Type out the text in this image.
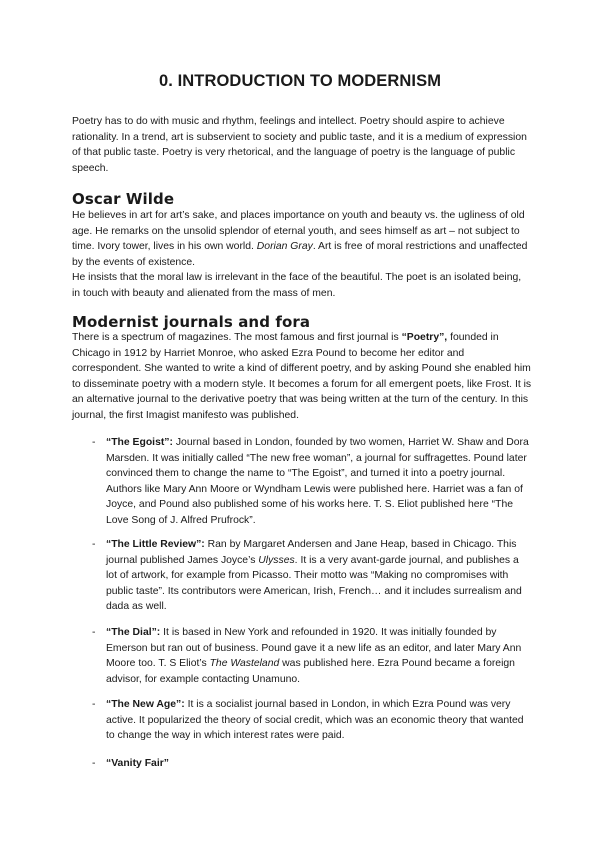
0. INTRODUCTION TO MODERNISM

Poetry has to do with music and rhythm, feelings and intellect. Poetry should aspire to achieve rationality. In a trend, art is subservient to society and public taste, and it is a medium of expression of that public taste. Poetry is very rhetorical, and the language of poetry is the language of public speech.

Oscar Wilde

He believes in art for art’s sake, and places importance on youth and beauty vs. the ugliness of old age. He remarks on the unsolid splendor of eternal youth, and sees himself as art – not subject to time. Ivory tower, lives in his own world. Dorian Gray. Art is free of moral restrictions and unaffected by the events of existence.

He insists that the moral law is irrelevant in the face of the beautiful. The poet is an isolated being, in touch with beauty and alienated from the mass of men.

Modernist journals and fora

There is a spectrum of magazines. The most famous and first journal is “Poetry”, founded in Chicago in 1912 by Harriet Monroe, who asked Ezra Pound to become her editor and correspondent. She wanted to write a kind of different poetry, and by asking Pound she enabled him to disseminate poetry with a modern style. It becomes a forum for all emergent poets, like Frost. It is an alternative journal to the derivative poetry that was being written at the turn of the century. In this journal, the first Imagist manifesto was published.

-	“The Egoist”: Journal based in London, founded by two women, Harriet W. Shaw and Dora Marsden. It was initially called “The new free woman”, a journal for suffragettes. Pound later convinced them to change the name to “The Egoist”, and turned it into a poetry journal. Authors like Mary Ann Moore or Wyndham Lewis were published here. Harriet was a fan of Joyce, and Pound also published some of his works here. T. S. Eliot published here “The Love Song of J. Alfred Prufrock”.
-	“The Little Review”: Ran by Margaret Andersen and Jane Heap, based in Chicago. This journal published James Joyce’s Ulysses. It is a very avant-garde journal, and publishes a lot of artwork, for example from Picasso. Their motto was “Making no compromises with public taste”. Its contributors were American, Irish, French… and it includes surrealism and dada as well.
-	“The Dial”: It is based in New York and refounded in 1920. It was initially founded by Emerson but ran out of business. Pound gave it a new life as an editor, and later Mary Ann Moore too. T. S Eliot’s The Wasteland was published here. Ezra Pound became a foreign advisor, for example contacting Unamuno.
-	“The New Age”: It is a socialist journal based in London, in which Ezra Pound was very active. It popularized the theory of social credit, which was an economic theory that wanted to change the way in which interest rates were paid.
-	“Vanity Fair”
